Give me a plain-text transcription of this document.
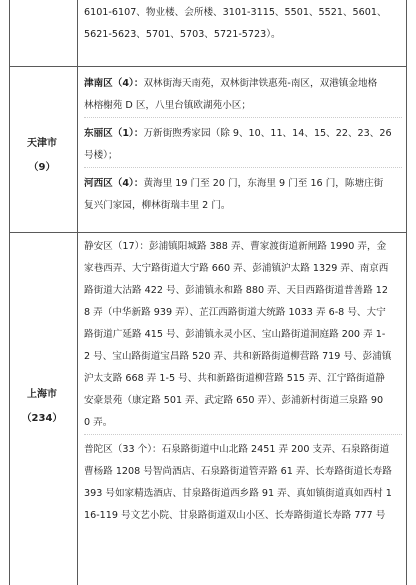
6101-6107、物业楼、会所楼、3101-3115、5501、5521、5601、

5621-5623、5701、5703、5721-5723）。

天津市
（9）

津南区（4）：双林街海天南苑，双林街津铁惠苑-南区，双港镇金地格

林榕榭苑 D 区，八里台镇欧湖苑小区；

东丽区（1）：万新街煦秀家园（除 9、10、11、14、15、22、23、26

号楼）；

河西区（4）：黄海里 19 门至 20 门，东海里 9 门至 16 门，陈塘庄街

复兴门家园，柳林街瑞丰里 2 门。

上海市
（234）

静安区（17）：彭浦镇阳城路 388 弄、曹家渡街道新闸路 1990 弄，金

家巷西弄、大宁路街道大宁路 660 弄、彭浦镇沪太路 1329 弄、南京西

路街道大沽路 422 号、彭浦镇永和路 880 弄、天目西路街道普善路 12

8 弄（中华新路 939 弄）、芷江西路街道大统路 1033 弄 6-8 号、大宁

路街道广延路 415 号、彭浦镇永灵小区、宝山路街道洞庭路 200 弄 1-

2 号、宝山路街道宝昌路 520 弄、共和新路街道柳营路 719 号、彭浦镇

沪太支路 668 弄 1-5 号、共和新路街道柳营路 515 弄、江宁路街道静

安豪景苑（康定路 501 弄、武定路 650 弄）、彭浦新村街道三泉路 90

0 弄。

普陀区（33 个）：石泉路街道中山北路 2451 弄 200 支弄、石泉路街道

曹杨路 1208 号智尚酒店、石泉路街道管弄路 61 弄、长寿路街道长寿路

393 号如家精选酒店、甘泉路街道西乡路 91 弄、真如镇街道真如西村 1

16-119 号文艺小院、甘泉路街道双山小区、长寿路街道长寿路 777 号
